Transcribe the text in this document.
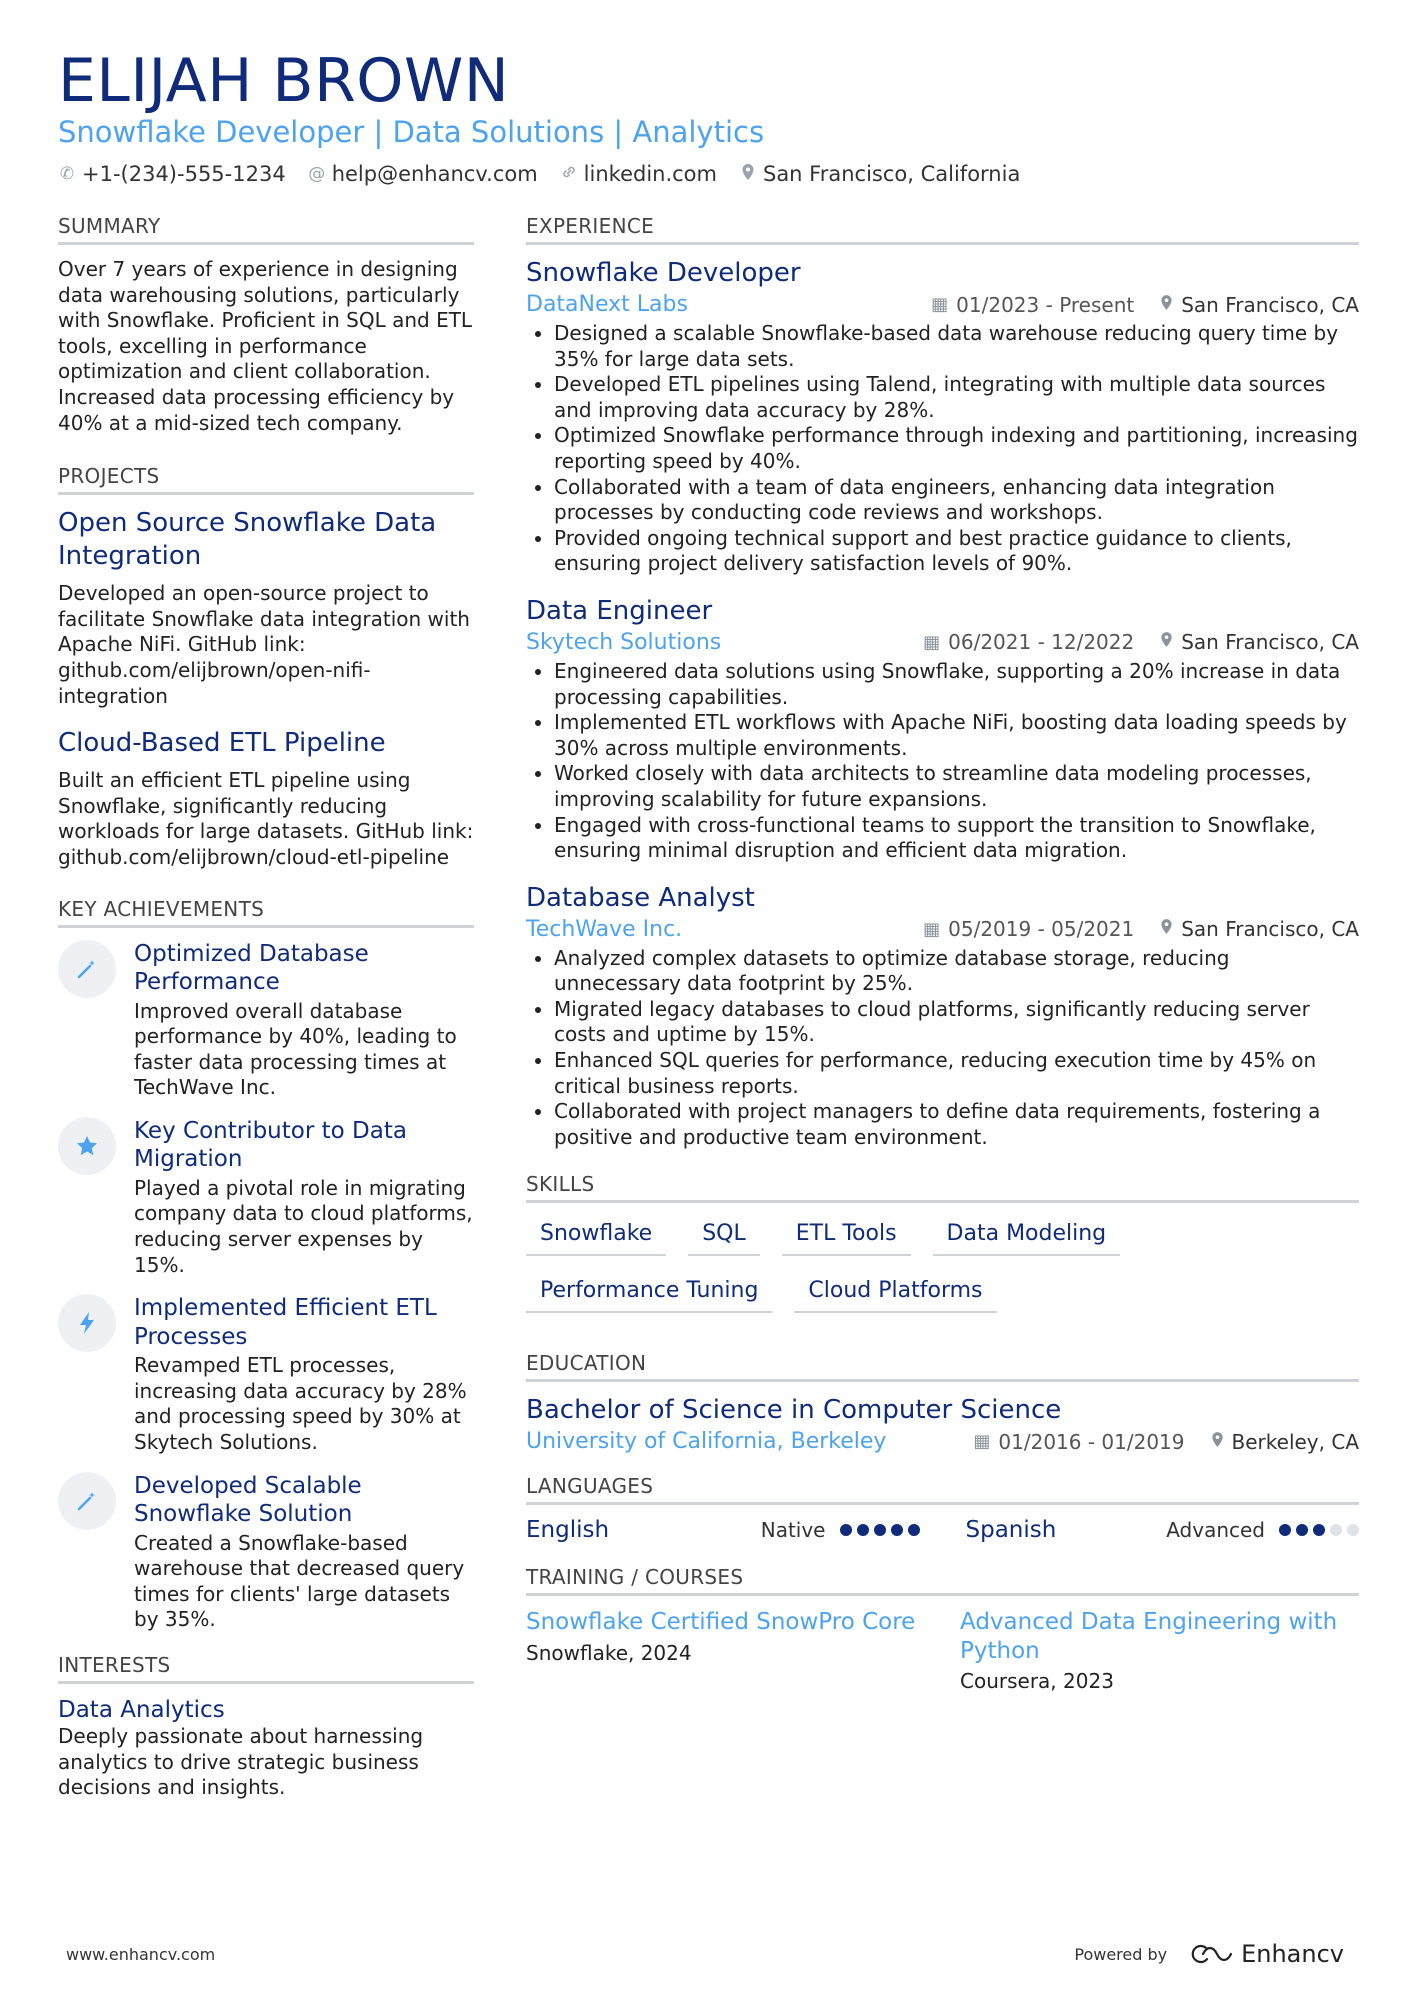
ELIJAH BROWN
Snowflake Developer | Data Solutions | Analytics
✆ +1-(234)-555-1234 @ help@enhancv.com linkedin.com San Francisco, California
SUMMARY
Over 7 years of experience in designing data warehousing solutions, particularly with Snowflake. Proficient in SQL and ETL tools, excelling in performance optimization and client collaboration. Increased data processing efficiency by 40% at a mid-sized tech company.
PROJECTS
Open Source Snowflake Data Integration
Developed an open-source project to facilitate Snowflake data integration with Apache NiFi. GitHub link: github.com/elijbrown/open-nifi-integration
Cloud-Based ETL Pipeline
Built an efficient ETL pipeline using Snowflake, significantly reducing workloads for large datasets. GitHub link: github.com/elijbrown/cloud-etl-pipeline
KEY ACHIEVEMENTS
Optimized Database Performance
Improved overall database performance by 40%, leading to faster data processing times at TechWave Inc.
Key Contributor to Data Migration
Played a pivotal role in migrating company data to cloud platforms, reducing server expenses by 15%.
Implemented Efficient ETL Processes
Revamped ETL processes, increasing data accuracy by 28% and processing speed by 30% at Skytech Solutions.
Developed Scalable Snowflake Solution
Created a Snowflake-based warehouse that decreased query times for clients' large datasets by 35%.
INTERESTS
Data Analytics
Deeply passionate about harnessing analytics to drive strategic business decisions and insights.
EXPERIENCE
Snowflake Developer
DataNext Labs	▦ 01/2023 - Present San Francisco, CA
• Designed a scalable Snowflake-based data warehouse reducing query time by 35% for large data sets.
• Developed ETL pipelines using Talend, integrating with multiple data sources and improving data accuracy by 28%.
• Optimized Snowflake performance through indexing and partitioning, increasing reporting speed by 40%.
• Collaborated with a team of data engineers, enhancing data integration processes by conducting code reviews and workshops.
• Provided ongoing technical support and best practice guidance to clients, ensuring project delivery satisfaction levels of 90%.
Data Engineer
Skytech Solutions	▦ 06/2021 - 12/2022 San Francisco, CA
• Engineered data solutions using Snowflake, supporting a 20% increase in data processing capabilities.
• Implemented ETL workflows with Apache NiFi, boosting data loading speeds by 30% across multiple environments.
• Worked closely with data architects to streamline data modeling processes, improving scalability for future expansions.
• Engaged with cross-functional teams to support the transition to Snowflake, ensuring minimal disruption and efficient data migration.
Database Analyst
TechWave Inc.	▦ 05/2019 - 05/2021 San Francisco, CA
• Analyzed complex datasets to optimize database storage, reducing unnecessary data footprint by 25%.
• Migrated legacy databases to cloud platforms, significantly reducing server costs and uptime by 15%.
• Enhanced SQL queries for performance, reducing execution time by 45% on critical business reports.
• Collaborated with project managers to define data requirements, fostering a positive and productive team environment.
SKILLS
Snowflake	SQL	ETL Tools	Data Modeling
Performance Tuning	Cloud Platforms
EDUCATION
Bachelor of Science in Computer Science
University of California, Berkeley	▦ 01/2016 - 01/2019 Berkeley, CA
LANGUAGES
English	Native	Spanish	Advanced
TRAINING / COURSES
Snowflake Certified SnowPro Core
Snowflake, 2024
Advanced Data Engineering with Python
Coursera, 2023
www.enhancv.com	Powered by	Enhancv
